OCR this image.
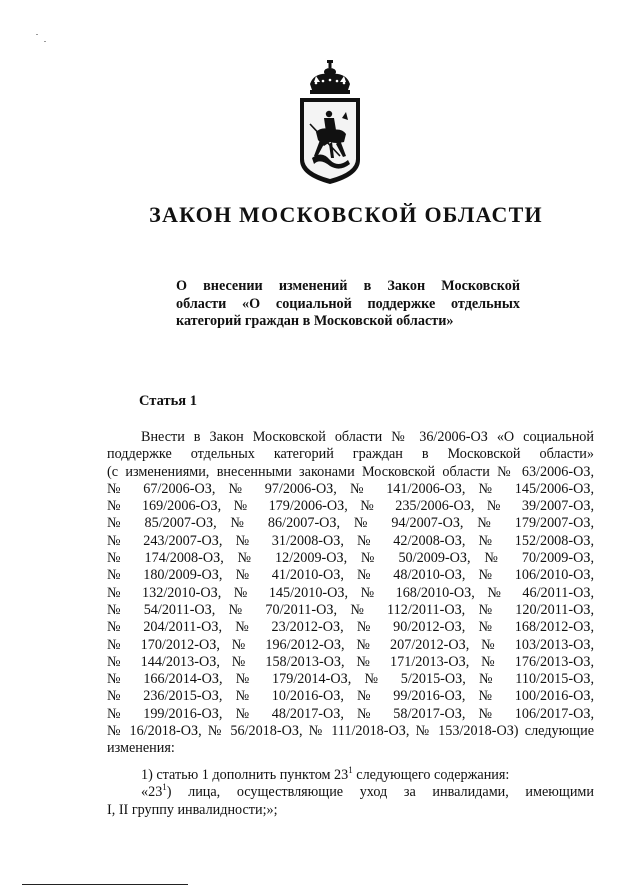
ЗАКОН МОСКОВСКОЙ ОБЛАСТИ
О внесении изменений в Закон Московской
области «О социальной поддержке отдельных
категорий граждан в Московской области»
Статья 1
Внести в Закон Московской области № 36/2006-ОЗ «О социальной
поддержке отдельных категорий граждан в Московской области»
(с изменениями, внесенными законами Московской области № 63/2006-ОЗ,
№ 67/2006-ОЗ, № 97/2006-ОЗ, № 141/2006-ОЗ, № 145/2006-ОЗ,
№ 169/2006-ОЗ, № 179/2006-ОЗ, № 235/2006-ОЗ, № 39/2007-ОЗ,
№ 85/2007-ОЗ, № 86/2007-ОЗ, № 94/2007-ОЗ, № 179/2007-ОЗ,
№ 243/2007-ОЗ, № 31/2008-ОЗ, № 42/2008-ОЗ, № 152/2008-ОЗ,
№ 174/2008-ОЗ, № 12/2009-ОЗ, № 50/2009-ОЗ, № 70/2009-ОЗ,
№ 180/2009-ОЗ, № 41/2010-ОЗ, № 48/2010-ОЗ, № 106/2010-ОЗ,
№ 132/2010-ОЗ, № 145/2010-ОЗ, № 168/2010-ОЗ, № 46/2011-ОЗ,
№ 54/2011-ОЗ, № 70/2011-ОЗ, № 112/2011-ОЗ, № 120/2011-ОЗ,
№ 204/2011-ОЗ, № 23/2012-ОЗ, № 90/2012-ОЗ, № 168/2012-ОЗ,
№ 170/2012-ОЗ, № 196/2012-ОЗ, № 207/2012-ОЗ, № 103/2013-ОЗ,
№ 144/2013-ОЗ, № 158/2013-ОЗ, № 171/2013-ОЗ, № 176/2013-ОЗ,
№ 166/2014-ОЗ, № 179/2014-ОЗ, № 5/2015-ОЗ, № 110/2015-ОЗ,
№ 236/2015-ОЗ, № 10/2016-ОЗ, № 99/2016-ОЗ, № 100/2016-ОЗ,
№ 199/2016-ОЗ, № 48/2017-ОЗ, № 58/2017-ОЗ, № 106/2017-ОЗ,
№ 16/2018-ОЗ, № 56/2018-ОЗ, № 111/2018-ОЗ, № 153/2018-ОЗ) следующие
изменения:
1) статью 1 дополнить пунктом $23^1$ следующего содержания:
«$23^1$) лица, осуществляющие уход за инвалидами, имеющими
I, II группу инвалидности;»;
